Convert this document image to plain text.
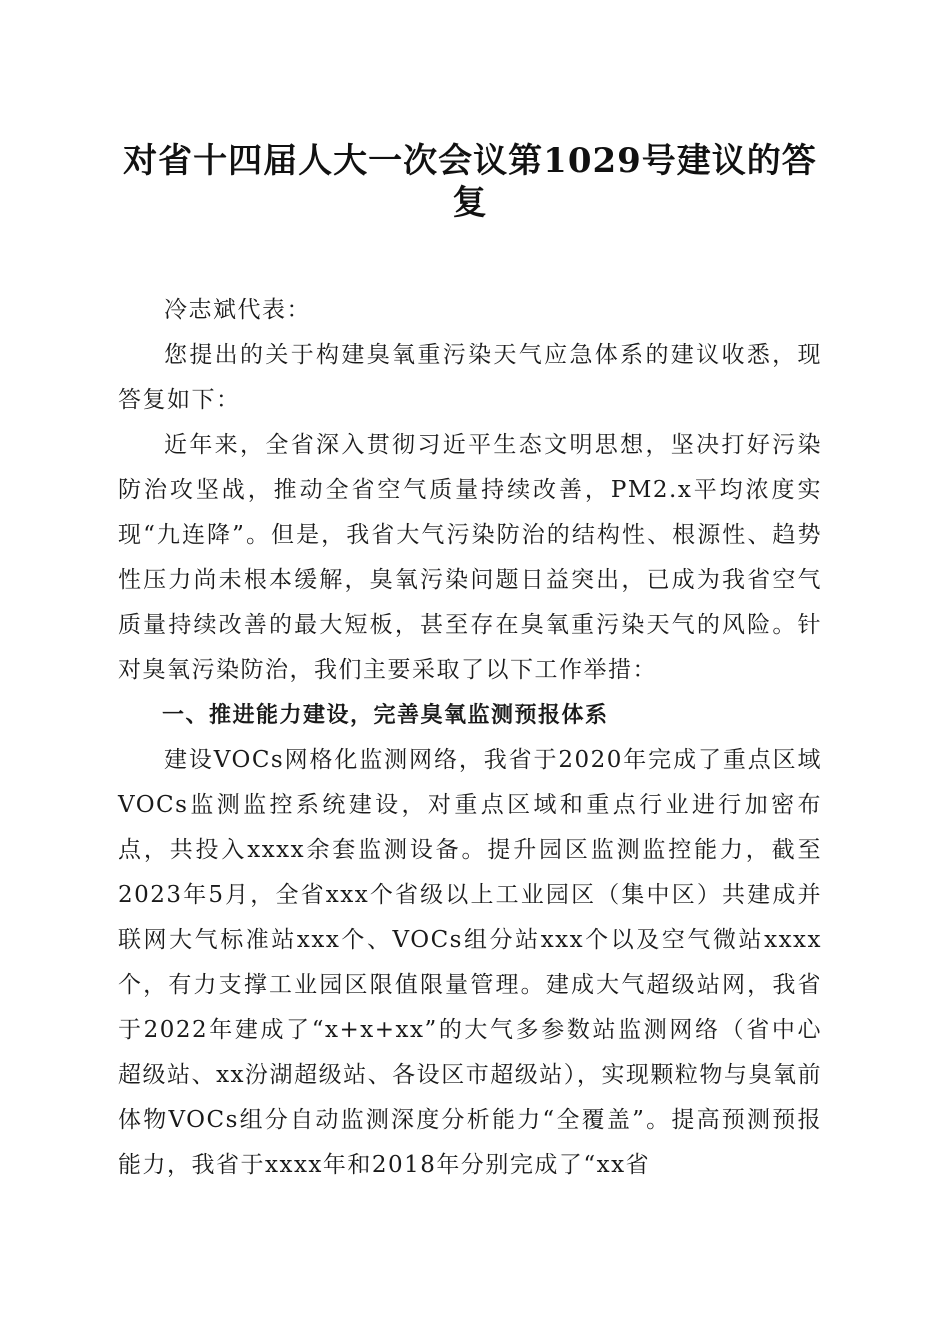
对省十四届人大一次会议第1029号建议的答复

冷志斌代表：

您提出的关于构建臭氧重污染天气应急体系的建议收悉，现答复如下：

近年来，全省深入贯彻习近平生态文明思想，坚决打好污染防治攻坚战，推动全省空气质量持续改善，PM2.x平均浓度实现“九连降”。但是，我省大气污染防治的结构性、根源性、趋势性压力尚未根本缓解，臭氧污染问题日益突出，已成为我省空气质量持续改善的最大短板，甚至存在臭氧重污染天气的风险。针对臭氧污染防治，我们主要采取了以下工作举措：

一、推进能力建设，完善臭氧监测预报体系

建设VOCs网格化监测网络，我省于2020年完成了重点区域VOCs监测监控系统建设，对重点区域和重点行业进行加密布点，共投入xxxx余套监测设备。提升园区监测监控能力，截至2023年5月，全省xxx个省级以上工业园区（集中区）共建成并联网大气标准站xxx个、VOCs组分站xxx个以及空气微站xxxx个，有力支撑工业园区限值限量管理。建成大气超级站网，我省于2022年建成了“x+x+xx”的大气多参数站监测网络（省中心超级站、xx汾湖超级站、各设区市超级站），实现颗粒物与臭氧前体物VOCs组分自动监测深度分析能力“全覆盖”。提高预测预报能力，我省于xxxx年和2018年分别完成了“xx省
